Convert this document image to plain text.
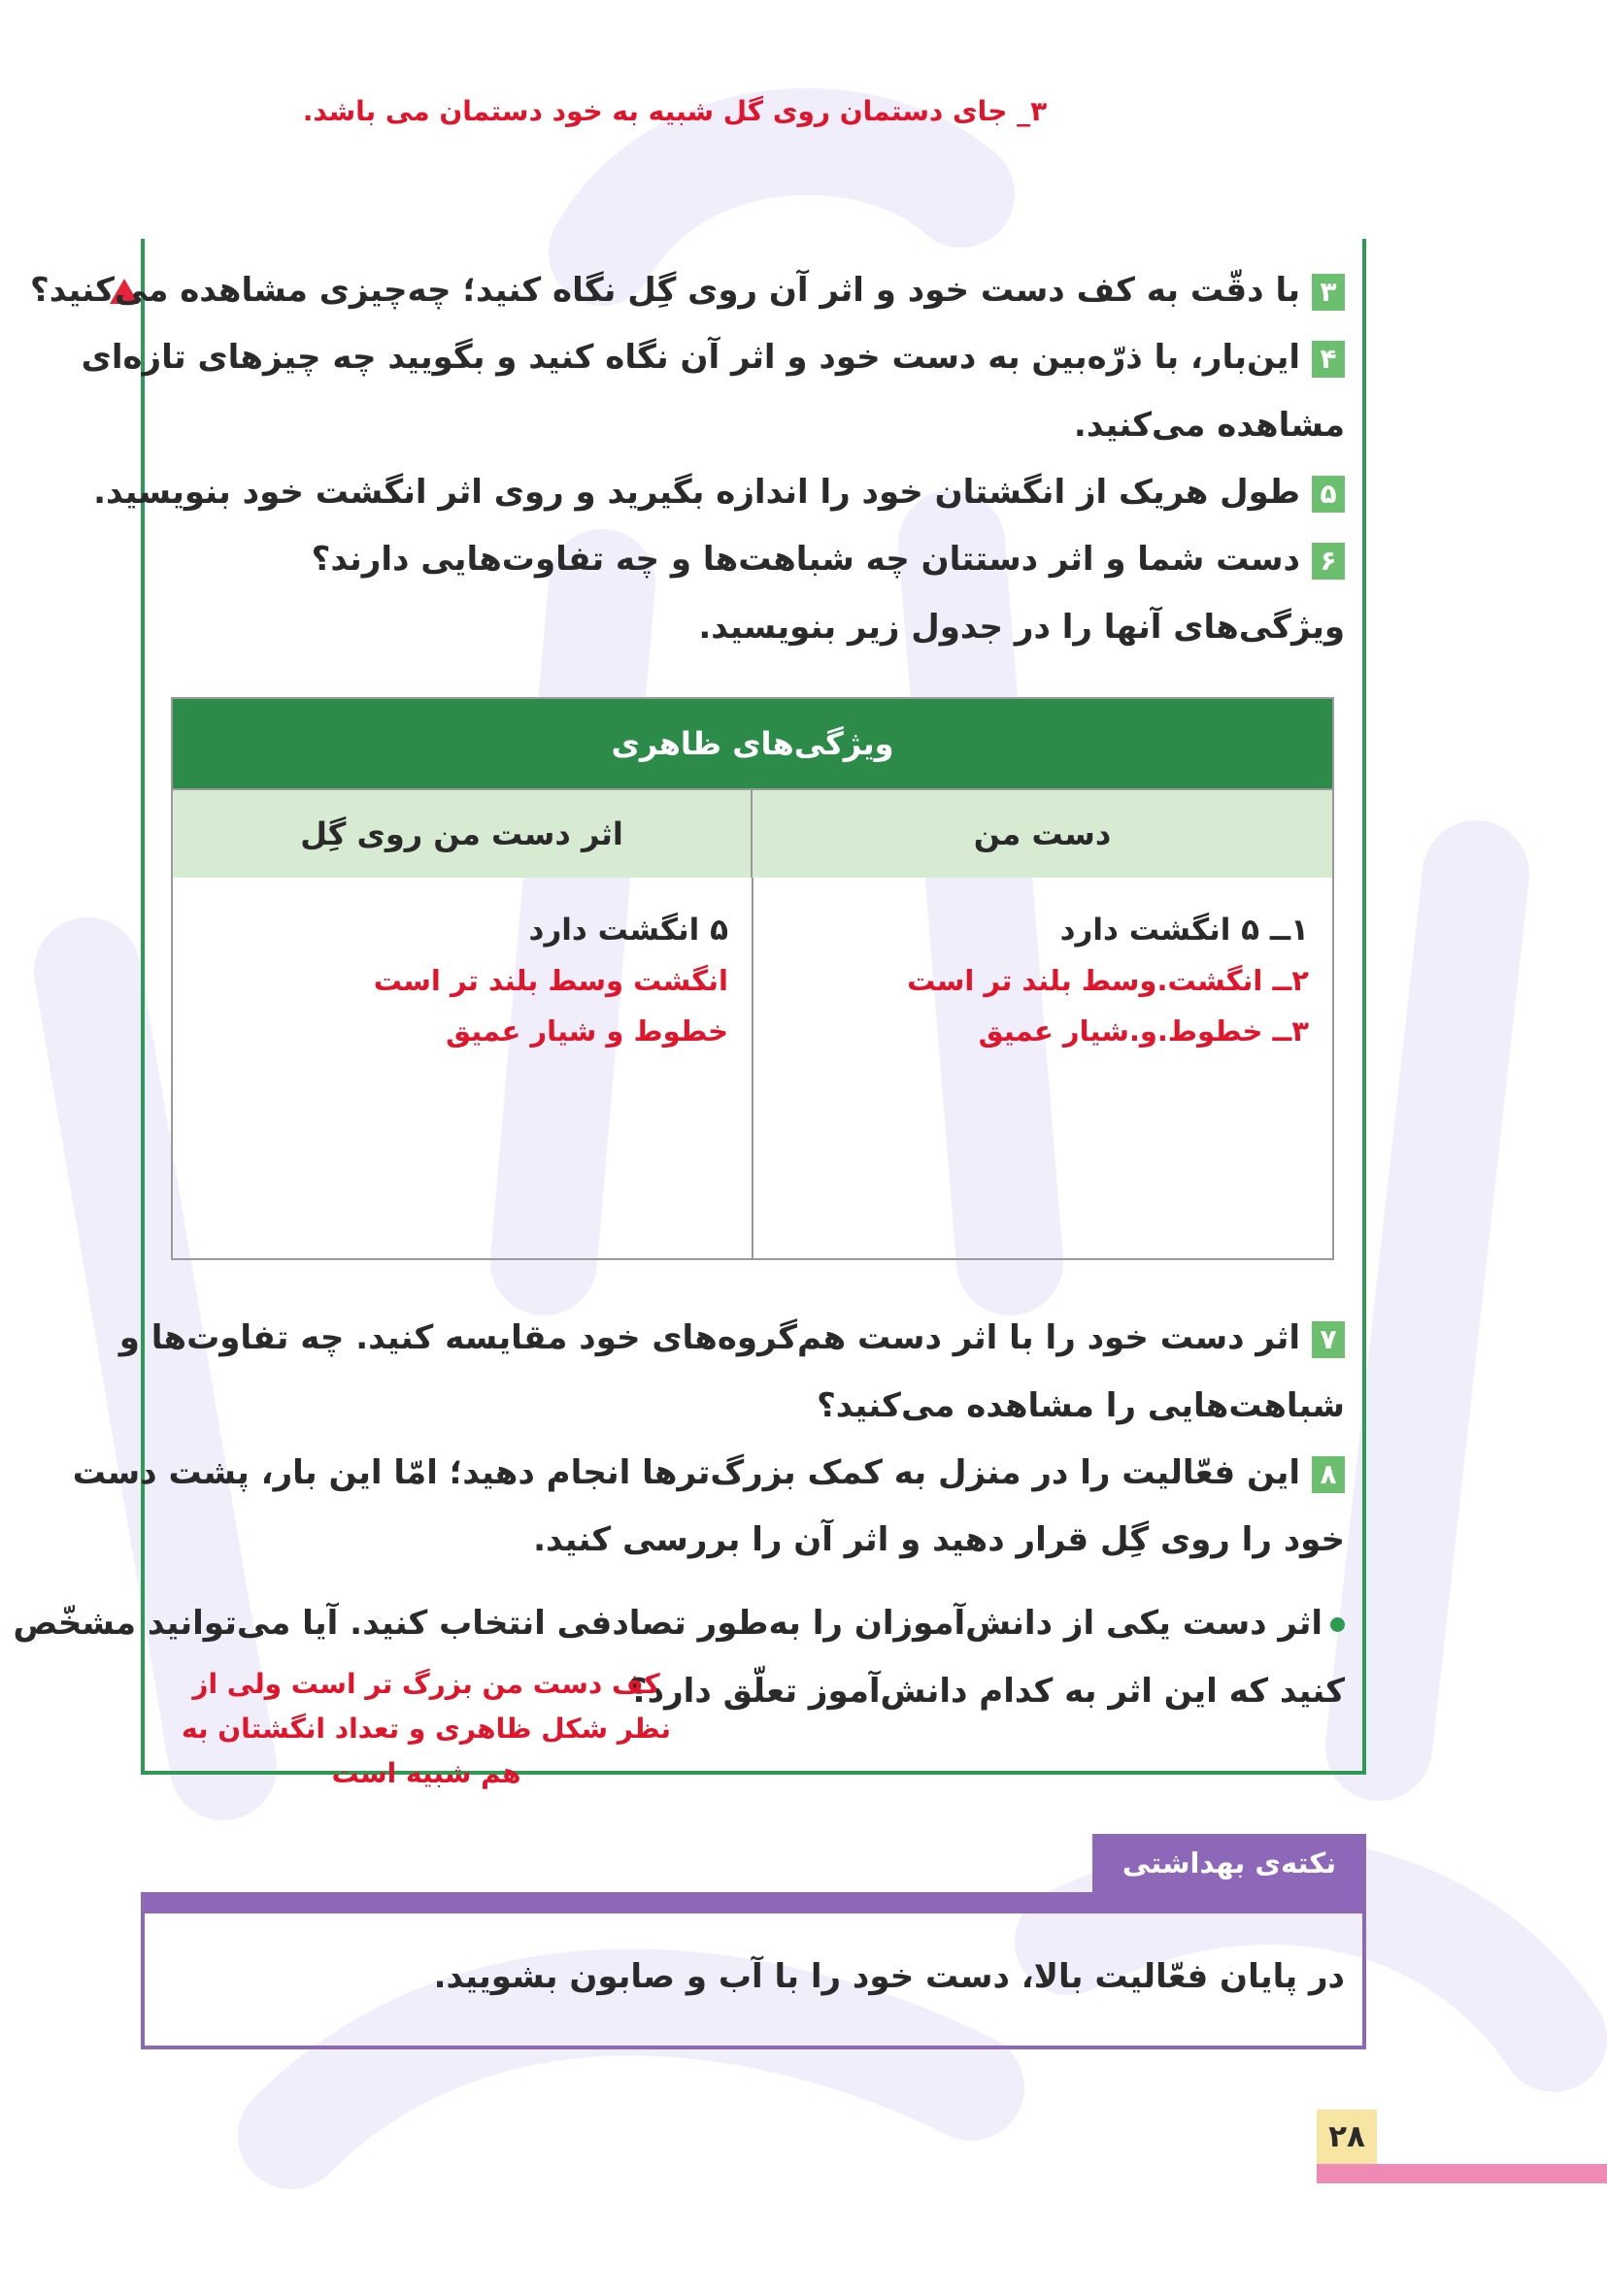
۳_ جای دستمان روی گل شبیه به خود دستمان می باشد.
۳با دقّت به کف دست خود و اثر آن روی گِل نگاه کنید؛ چه‌چیزی مشاهده می‌کنید؟
۴این‌بار، با ذرّه‌بین به دست خود و اثر آن نگاه کنید و بگویید چه چیزهای تازه‌ای
مشاهده می‌کنید.
۵طول هریک از انگشتان خود را اندازه بگیرید و روی اثر انگشت خود بنویسید.
۶دست شما و اثر دستتان چه شباهت‌ها و چه تفاوت‌هایی دارند؟
ویژگی‌های آنها را در جدول زیر بنویسید.
ویژگی‌های ظاهری
دست من
اثر دست من روی گِل
۱ــ ۵ انگشت دارد
۲ــ انگشت.وسط بلند تر است
۳ــ خطوط.و.شیار عمیق
۵ انگشت دارد
انگشت وسط بلند تر است
خطوط و شیار عمیق
۷اثر دست خود را با اثر دست هم‌گروه‌های خود مقایسه کنید. چه تفاوت‌ها و
شباهت‌هایی را مشاهده می‌کنید؟
۸این فعّالیت را در منزل به کمک بزرگ‌ترها انجام دهید؛ امّا این بار، پشت دست
خود را روی گِل قرار دهید و اثر آن را بررسی کنید.
اثر دست یکی از دانش‌آموزان را به‌طور تصادفی انتخاب کنید. آیا می‌توانید مشخّص
کنید که این اثر به کدام دانش‌آموز تعلّق دارد؟
کف دست من بزرگ تر است ولی از نظر شکل ظاهری و تعداد انگشتان به هم شبیه است
نکته‌ی بهداشتی
در پایان فعّالیت بالا، دست خود را با آب و صابون بشویید.
۲۸
